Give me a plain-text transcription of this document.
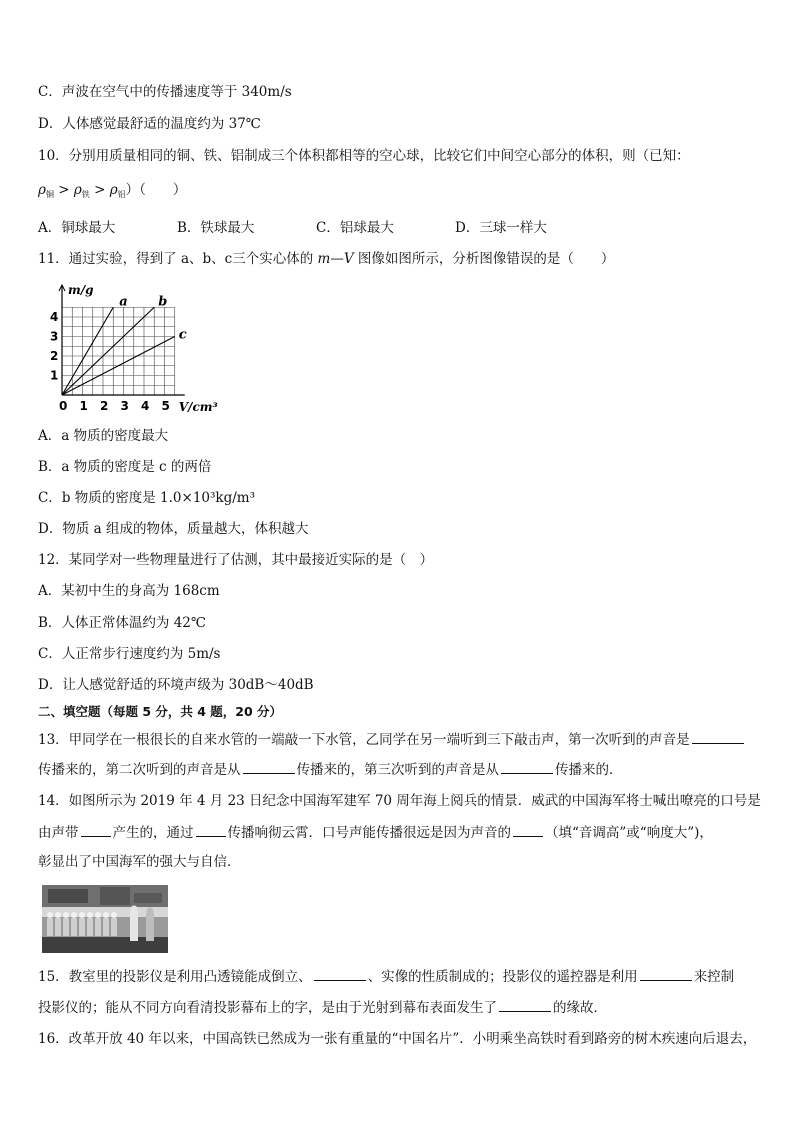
C．声波在空气中的传播速度等于 340m/s
D．人体感觉最舒适的温度约为 37℃
10．分别用质量相同的铜、铁、铝制成三个体积都相等的空心球，比较它们中间空心部分的体积，则（已知：
$\rho_铜 > \rho_铁 > \rho_铝$）（　　）
A．铜球最大	B．铁球最大	C．铝球最大	D．三球一样大
11．通过实验，得到了 a、b、c三个实心体的 m—V 图像如图所示，分析图像错误的是（　　）
a b
c
0 1 2 3 4 5
1
2
3
4
V/cm³
m/g
A．a 物质的密度最大
B．a 物质的密度是 c 的两倍
C．b 物质的密度是 1.0×10³kg/m³
D．物质 a 组成的物体，质量越大，体积越大
12．某同学对一些物理量进行了估测，其中最接近实际的是（　）
A．某初中生的身高为 168cm
B．人体正常体温约为 42℃
C．人正常步行速度约为 5m/s
D．让人感觉舒适的环境声级为 30dB～40dB
二、填空题（每题 5 分，共 4 题，20 分）
13．甲同学在一根很长的自来水管的一端敲一下水管，乙同学在另一端听到三下敲击声，第一次听到的声音是
传播来的，第二次听到的声音是从	传播来的，第三次听到的声音是从	传播来的．
14．如图所示为 2019 年 4 月 23 日纪念中国海军建军 70 周年海上阅兵的情景．威武的中国海军将士喊出嘹亮的口号是
由声带	产生的，通过	传播响彻云霄．口号声能传播很远是因为声音的	（填“音调高”或“响度大”)，
彰显出了中国海军的强大与自信．
15．教室里的投影仪是利用凸透镜能成倒立、	、实像的性质制成的；投影仪的遥控器是利用	来控制
投影仪的；能从不同方向看清投影幕布上的字，是由于光射到幕布表面发生了	的缘故．
16．改革开放 40 年以来，中国高铁已然成为一张有重量的“中国名片”．小明乘坐高铁时看到路旁的树木疾速向后退去，
